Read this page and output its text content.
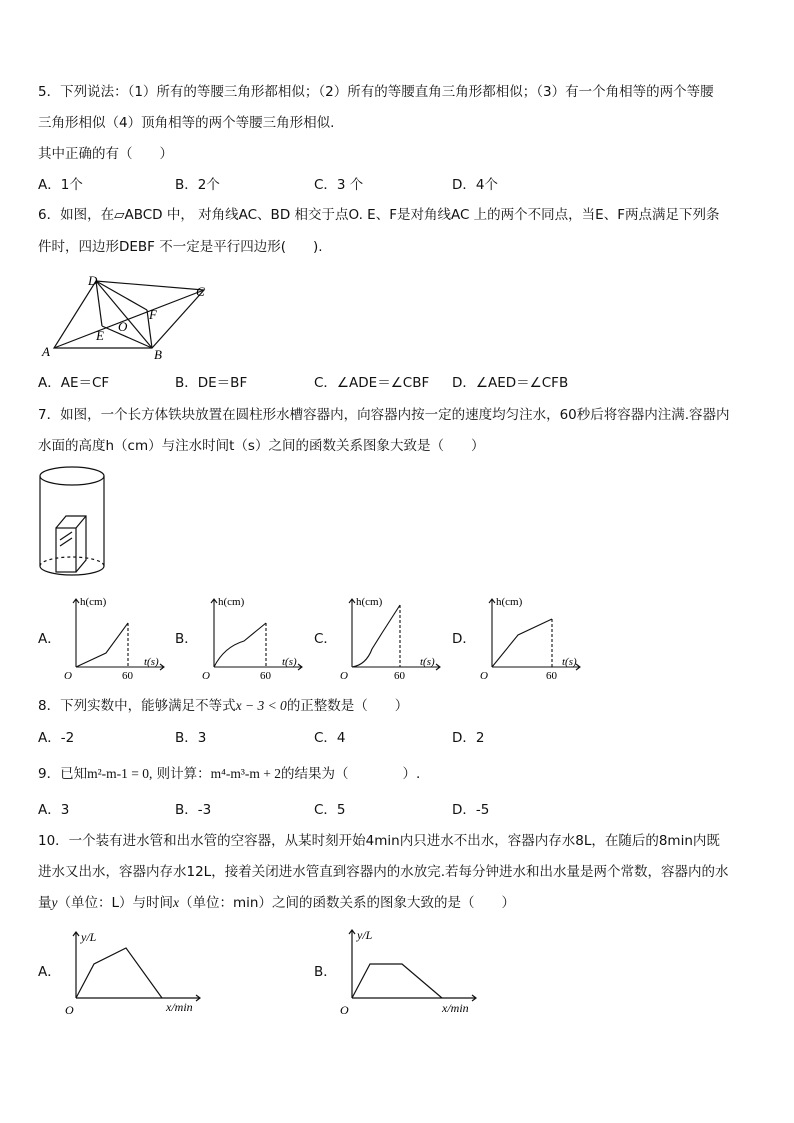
5．下列说法：（1）所有的等腰三角形都相似；（2）所有的等腰直角三角形都相似；（3）有一个角相等的两个等腰
三角形相似（4）顶角相等的两个等腰三角形相似.
其中正确的有（　　）
A．1个	B．2个	C．3 个	D．4个
6．如图，在▱ABCD 中， 对角线AC、BD 相交于点O. E、F是对角线AC 上的两个不同点，当E、F两点满足下列条
件时，四边形DEBF 不一定是平行四边形(　　).
A	B
C
D
E
F
O
A．AE＝CF	B．DE＝BF	C．∠ADE＝∠CBF D．∠AED＝∠CFB
7．如图，一个长方体铁块放置在圆柱形水槽容器内，向容器内按一定的速度均匀注水，60秒后将容器内注满.容器内
水面的高度h（cm）与注水时间t（s）之间的函数关系图象大致是（　　）
A．
h(cm)
t(s)
O	60
B．
h(cm)
t(s)
O	60
C．
h(cm)
t(s)
O	60
D．
h(cm)
t(s)
O	60
8．下列实数中，能够满足不等式x − 3 < 0的正整数是（　　）
A．-2	B．3	C．4	D．2
9．已知m²-m-1 = 0, 则计算：m⁴-m³-m + 2的结果为（　　　　）.
A．3	B．-3	C．5	D．-5
10．一个装有进水管和出水管的空容器，从某时刻开始4min内只进水不出水，容器内存水8L，在随后的8min内既
进水又出水，容器内存水12L，接着关闭进水管直到容器内的水放完.若每分钟进水和出水量是两个常数，容器内的水
量y（单位：L）与时间x（单位：min）之间的函数关系的图象大致的是（　　）
A．
y/L
x/min
O
B．
y/L
x/min
O
